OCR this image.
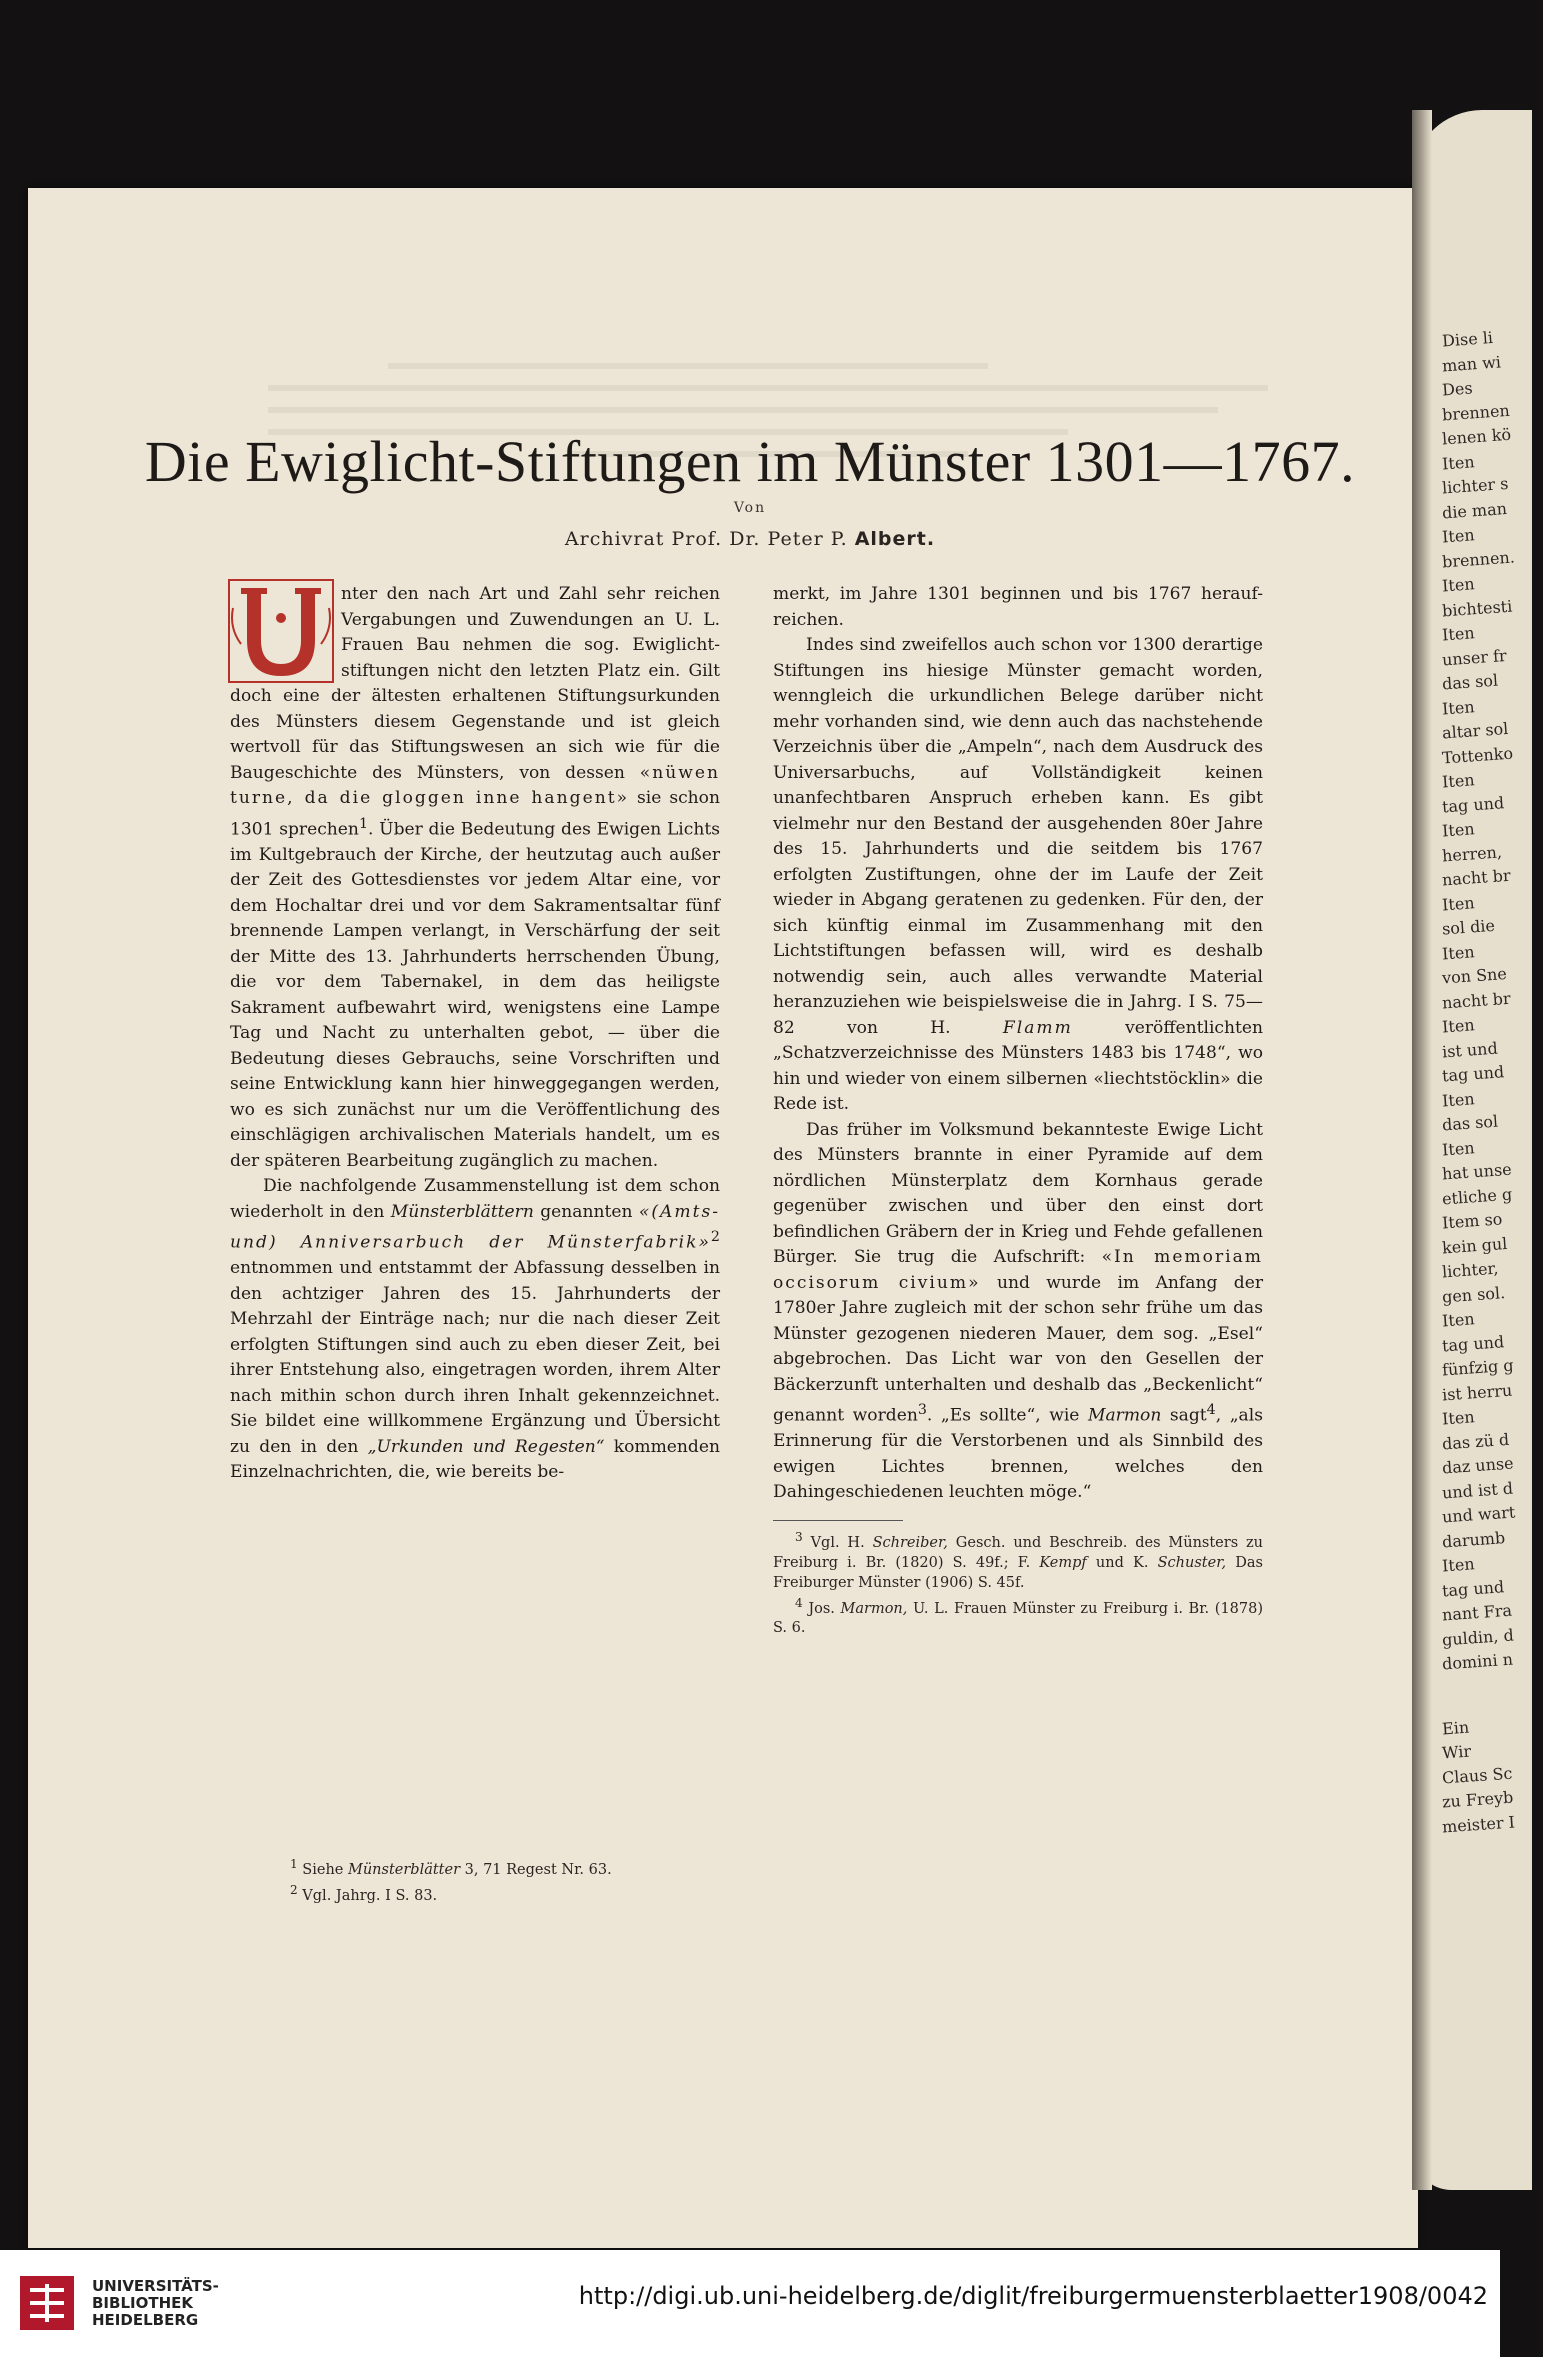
Dise li
man wi
Des
brennen
lenen kö
Iten
lichter s
die man
Iten
brennen.
Iten
bichtesti
Iten
unser fr
das sol
Iten
altar sol
Tottenko
Iten
tag und
Iten
herren,
nacht br
Iten
sol die
Iten
von Sne
nacht br
Iten
ist und
tag und
Iten
das sol
Iten
hat unse
etliche g
Item so
kein gul
lichter,
gen sol.
Iten
tag und
fünfzig g
ist herru
Iten
das zü d
daz unse
und ist d
und wart
darumb
Iten
tag und
nant Fra
guldin, d
domini n
Ein
Wir
Claus Sc
zu Freyb
meister I
Die Ewiglicht-Stiftungen im Münster 1301—1767.
Von
Archivrat Prof. Dr. Peter P. Albert.

nter den nach Art und Zahl sehr reichen Vergabungen und Zuwendungen an U. L. Frauen Bau nehmen die sog. Ewiglicht-stiftungen nicht den letzten Platz ein. Gilt doch eine der ältesten erhaltenen Stiftungsurkunden des Münsters diesem Gegenstande und ist gleich wertvoll für das Stiftungswesen an sich wie für die Baugeschichte des Münsters, von dessen «nüwen turne, da die gloggen inne hangent» sie schon 1301 sprechen$^1$. Über die Bedeutung des Ewigen Lichts im Kultgebrauch der Kirche, der heutzutag auch außer der Zeit des Gottesdienstes vor jedem Altar eine, vor dem Hochaltar drei und vor dem Sakramentsaltar fünf brennende Lampen verlangt, in Verschärfung der seit der Mitte des 13. Jahrhunderts herrschenden Übung, die vor dem Tabernakel, in dem das heiligste Sakrament aufbewahrt wird, wenigstens eine Lampe Tag und Nacht zu unterhalten gebot, — über die Bedeutung dieses Gebrauchs, seine Vorschriften und seine Entwicklung kann hier hinweggegangen werden, wo es sich zunächst nur um die Veröffentlichung des einschlägigen archivalischen Materials handelt, um es der späteren Bearbeitung zugänglich zu machen.

Die nachfolgende Zusammenstellung ist dem schon wiederholt in den Münsterblättern genannten «(Amts- und) Anniversarbuch der Münsterfabrik»$^2$ entnommen und entstammt der Abfassung desselben in den achtziger Jahren des 15. Jahrhunderts der Mehrzahl der Einträge nach; nur die nach dieser Zeit erfolgten Stiftungen sind auch zu eben dieser Zeit, bei ihrer Entstehung also, eingetragen worden, ihrem Alter nach mithin schon durch ihren Inhalt gekennzeichnet. Sie bildet eine willkommene Ergänzung und Übersicht zu den in den „Urkunden und Regesten“ kommenden Einzelnachrichten, die, wie bereits be-

$^1$ Siehe Münsterblätter 3, 71 Regest Nr. 63.
$^2$ Vgl. Jahrg. I S. 83.

merkt, im Jahre 1301 beginnen und bis 1767 herauf-reichen.

Indes sind zweifellos auch schon vor 1300 derartige Stiftungen ins hiesige Münster gemacht worden, wenngleich die urkundlichen Belege darüber nicht mehr vorhanden sind, wie denn auch das nachstehende Verzeichnis über die „Ampeln“, nach dem Ausdruck des Universarbuchs, auf Vollständigkeit keinen unanfechtbaren Anspruch erheben kann. Es gibt vielmehr nur den Bestand der ausgehenden 80er Jahre des 15. Jahrhunderts und die seitdem bis 1767 erfolgten Zustiftungen, ohne der im Laufe der Zeit wieder in Abgang geratenen zu gedenken. Für den, der sich künftig einmal im Zusammenhang mit den Lichtstiftungen befassen will, wird es deshalb notwendig sein, auch alles verwandte Material heranzuziehen wie beispielsweise die in Jahrg. I S. 75—82 von H. Flamm veröffentlichten „Schatzverzeichnisse des Münsters 1483 bis 1748“, wo hin und wieder von einem silbernen «liechtstöcklin» die Rede ist.

Das früher im Volksmund bekannteste Ewige Licht des Münsters brannte in einer Pyramide auf dem nördlichen Münsterplatz dem Kornhaus gerade gegenüber zwischen und über den einst dort befindlichen Gräbern der in Krieg und Fehde gefallenen Bürger. Sie trug die Aufschrift: «In memoriam occisorum civium» und wurde im Anfang der 1780er Jahre zugleich mit der schon sehr frühe um das Münster gezogenen niederen Mauer, dem sog. „Esel“ abgebrochen. Das Licht war von den Gesellen der Bäckerzunft unterhalten und deshalb das „Beckenlicht“ genannt worden$^3$. „Es sollte“, wie Marmon sagt$^4$, „als Erinnerung für die Verstorbenen und als Sinnbild des ewigen Lichtes brennen, welches den Dahingeschiedenen leuchten möge.“

$^3$ Vgl. H. Schreiber, Gesch. und Beschreib. des Münsters zu Freiburg i. Br. (1820) S. 49f.; F. Kempf und K. Schuster, Das Freiburger Münster (1906) S. 45f.
$^4$ Jos. Marmon, U. L. Frauen Münster zu Freiburg i. Br. (1878) S. 6.
UNIVERSITÄTS-
BIBLIOTHEK
HEIDELBERG
http://digi.ub.uni-heidelberg.de/diglit/freiburgermuensterblaetter1908/0042
